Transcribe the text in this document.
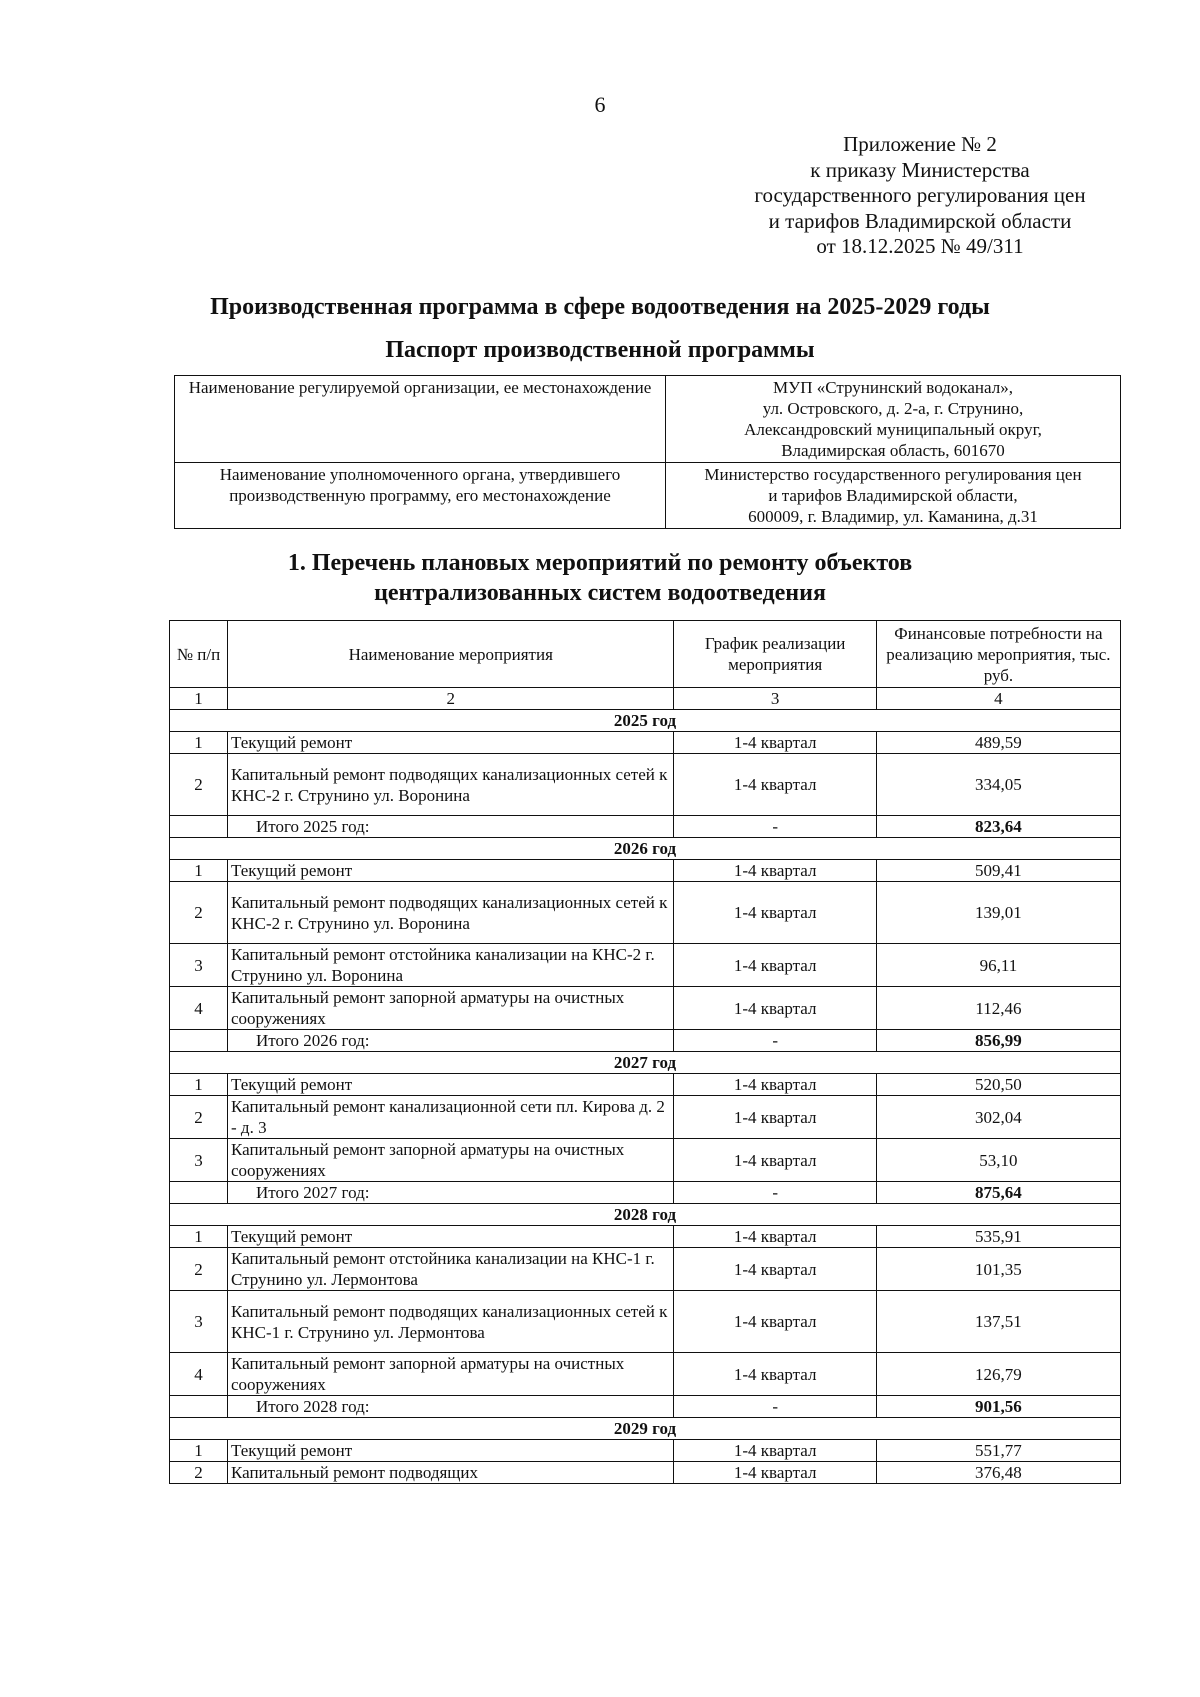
6
Приложение № 2
к приказу Министерства
государственного регулирования цен
и тарифов Владимирской области
от 18.12.2025 № 49/311
Производственная программа в сфере водоотведения на 2025-2029 годы
Паспорт производственной программы
Наименование регулируемой организации, ее местонахождение	МУП «Струнинский водоканал»,
ул. Островского, д. 2-а, г. Струнино,
Александровский муниципальный округ,
Владимирская область, 601670

Наименование уполномоченного органа, утвердившего производственную программу, его местонахождение	Министерство государственного регулирования цен
и тарифов Владимирской области,
600009, г. Владимир, ул. Каманина, д.31
1. Перечень плановых мероприятий по ремонту объектов
централизованных систем водоотведения
№ п/п	Наименование мероприятия	График реализации мероприятия	Финансовые потребности на реализацию мероприятия, тыс. руб.
1	2	3	4
2025 год			
1	Текущий ремонт	1-4 квартал	489,59
2	Капитальный ремонт подводящих канализационных сетей к КНС-2 г. Струнино ул. Воронина	1-4 квартал	334,05
	Итого 2025 год:	-	823,64
2026 год			
1	Текущий ремонт	1-4 квартал	509,41
2	Капитальный ремонт подводящих канализационных сетей к КНС-2 г. Струнино ул. Воронина	1-4 квартал	139,01
3	Капитальный ремонт отстойника канализации на КНС-2 г. Струнино ул. Воронина	1-4 квартал	96,11
4	Капитальный ремонт запорной арматуры на очистных сооружениях	1-4 квартал	112,46
	Итого 2026 год:	-	856,99
2027 год			
1	Текущий ремонт	1-4 квартал	520,50
2	Капитальный ремонт канализационной сети пл. Кирова д. 2 - д. 3	1-4 квартал	302,04
3	Капитальный ремонт запорной арматуры на очистных сооружениях	1-4 квартал	53,10
	Итого 2027 год:	-	875,64
2028 год			
1	Текущий ремонт	1-4 квартал	535,91
2	Капитальный ремонт отстойника канализации на КНС-1 г. Струнино ул. Лермонтова	1-4 квартал	101,35
3	Капитальный ремонт подводящих канализационных сетей к КНС-1 г. Струнино ул. Лермонтова	1-4 квартал	137,51
4	Капитальный ремонт запорной арматуры на очистных сооружениях	1-4 квартал	126,79
	Итого 2028 год:	-	901,56
2029 год			
1	Текущий ремонт	1-4 квартал	551,77
2	Капитальный ремонт подводящих	1-4 квартал	376,48
